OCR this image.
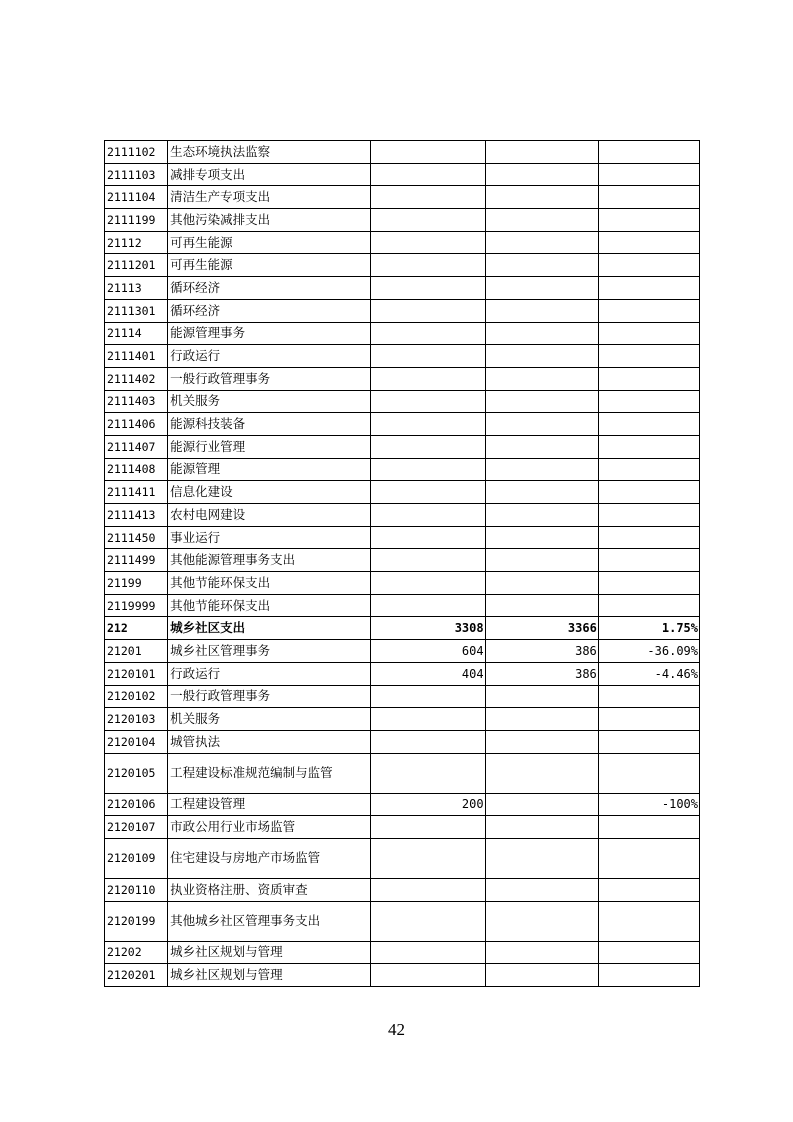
2111102	生态环境执法监察			
2111103	减排专项支出			
2111104	清洁生产专项支出			
2111199	其他污染减排支出			
21112	可再生能源			
2111201	可再生能源			
21113	循环经济			
2111301	循环经济			
21114	能源管理事务			
2111401	行政运行			
2111402	一般行政管理事务			
2111403	机关服务			
2111406	能源科技装备			
2111407	能源行业管理			
2111408	能源管理			
2111411	信息化建设			
2111413	农村电网建设			
2111450	事业运行			
2111499	其他能源管理事务支出			
21199	其他节能环保支出			
2119999	其他节能环保支出			
212	城乡社区支出	3308	3366	1.75%
21201	城乡社区管理事务	604	386	-36.09%
2120101	行政运行	404	386	-4.46%
2120102	一般行政管理事务			
2120103	机关服务			
2120104	城管执法			
2120105	工程建设标准规范编制与监管			
2120106	工程建设管理	200		-100%
2120107	市政公用行业市场监管			
2120109	住宅建设与房地产市场监管			
2120110	执业资格注册、资质审查			
2120199	其他城乡社区管理事务支出			
21202	城乡社区规划与管理			
2120201	城乡社区规划与管理			
42
